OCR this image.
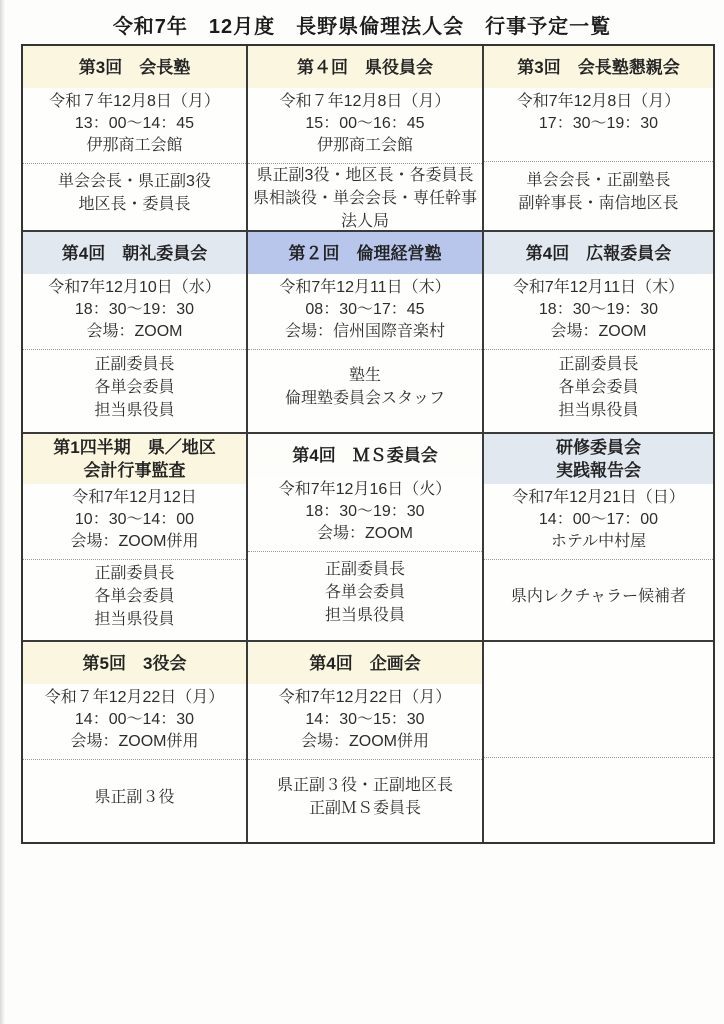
令和7年　12月度　長野県倫理法人会　行事予定一覧
第3回　会長塾
令和７年12月8日（月）
13：00～14：45
伊那商工会館
単会会長・県正副3役
地区長・委員長
第４回　県役員会
令和７年12月8日（月）
15：00～16：45
伊那商工会館
県正副3役・地区長・各委員長
県相談役・単会会長・専任幹事
法人局
第3回　会長塾懇親会
令和7年12月8日（月）
17：30～19：30
単会会長・正副塾長
副幹事長・南信地区長
第4回　朝礼委員会
令和7年12月10日（水）
18：30～19：30
会場：ZOOM
正副委員長
各単会委員
担当県役員
第２回　倫理経営塾
令和7年12月11日（木）
08：30～17：45
会場：信州国際音楽村
塾生
倫理塾委員会スタッフ
第4回　広報委員会
令和7年12月11日（木）
18：30～19：30
会場：ZOOM
正副委員長
各単会委員
担当県役員
第1四半期　県／地区
会計行事監査
令和7年12月12日
10：30～14：00
会場：ZOOM併用
正副委員長
各単会委員
担当県役員
第4回　ＭＳ委員会
令和7年12月16日（火）
18：30～19：30
会場：ZOOM
正副委員長
各単会委員
担当県役員
研修委員会
実践報告会
令和7年12月21日（日）
14：00～17：00
ホテル中村屋
県内レクチャラー候補者
第5回　3役会
令和７年12月22日（月）
14：00～14：30
会場：ZOOM併用
県正副３役
第4回　企画会
令和7年12月22日（月）
14：30～15：30
会場：ZOOM併用
県正副３役・正副地区長
正副ＭＳ委員長
